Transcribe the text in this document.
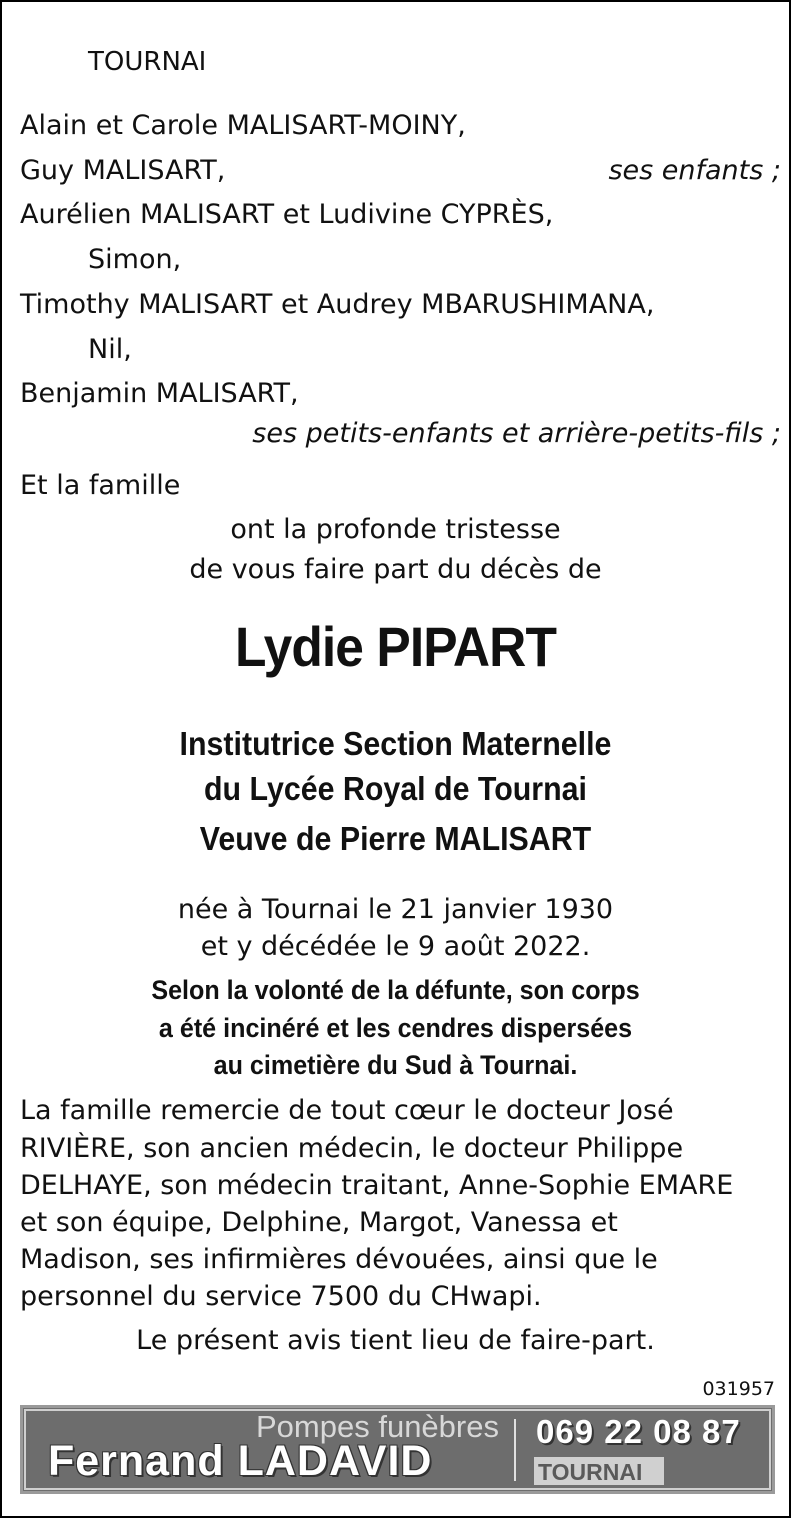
TOURNAI
Alain et Carole MALISART-MOINY,
Guy MALISART,	ses enfants ;
Aurélien MALISART et Ludivine CYPRÈS,
Simon,
Timothy MALISART et Audrey MBARUSHIMANA,
Nil,
Benjamin MALISART,
ses petits-enfants et arrière-petits-fils ;
Et la famille
ont la profonde tristesse
de vous faire part du décès de
Lydie PIPART
Institutrice Section Maternelle
du Lycée Royal de Tournai
Veuve de Pierre MALISART
née à Tournai le 21 janvier 1930
et y décédée le 9 août 2022.
Selon la volonté de la défunte, son corps
a été incinéré et les cendres dispersées
au cimetière du Sud à Tournai.
La famille remercie de tout cœur le docteur José
RIVIÈRE, son ancien médecin, le docteur Philippe
DELHAYE, son médecin traitant, Anne-Sophie EMARE
et son équipe, Delphine, Margot, Vanessa et
Madison, ses infirmières dévouées, ainsi que le
personnel du service 7500 du CHwapi.
Le présent avis tient lieu de faire-part.
031957
Pompes funèbres
Fernand LADAVID
069 22 08 87
TOURNAI
